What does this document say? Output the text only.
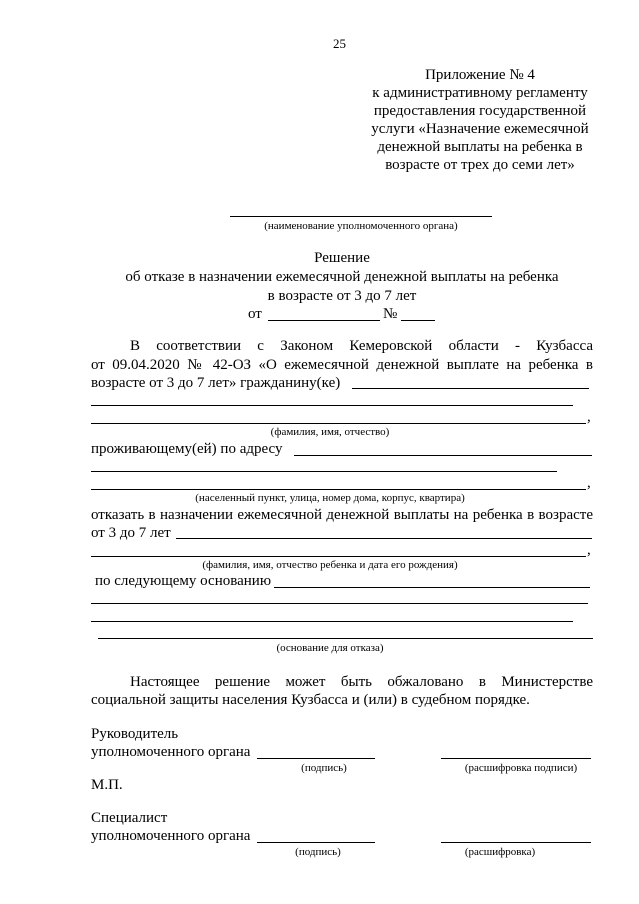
25
Приложение № 4
к административному регламенту
предоставления государственной
услуги «Назначение ежемесячной
денежной выплаты на ребенка в
возрасте от трех до семи лет»
(наименование уполномоченного органа)
Решение
об отказе в назначении ежемесячной денежной выплаты на ребенка
в возрасте от 3 до 7 лет
от	№
В соответствии с Законом Кемеровской области - Кузбасса
от 09.04.2020 № 42-ОЗ «О ежемесячной денежной выплате на ребенка в
возрасте от 3 до 7 лет» гражданину(ке)
,
(фамилия, имя, отчество)
проживающему(ей) по адресу
,
(населенный пункт, улица, номер дома, корпус, квартира)
отказать в назначении ежемесячной денежной выплаты на ребенка в возрасте
от 3 до 7 лет
,
(фамилия, имя, отчество ребенка и дата его рождения)
по следующему основанию
(основание для отказа)
Настоящее решение может быть обжаловано в Министерстве
социальной защиты населения Кузбасса и (или) в судебном порядке.
Руководитель
уполномоченного органа
(подпись)	(расшифровка подписи)
М.П.
Специалист
уполномоченного органа
(подпись)	(расшифровка)
